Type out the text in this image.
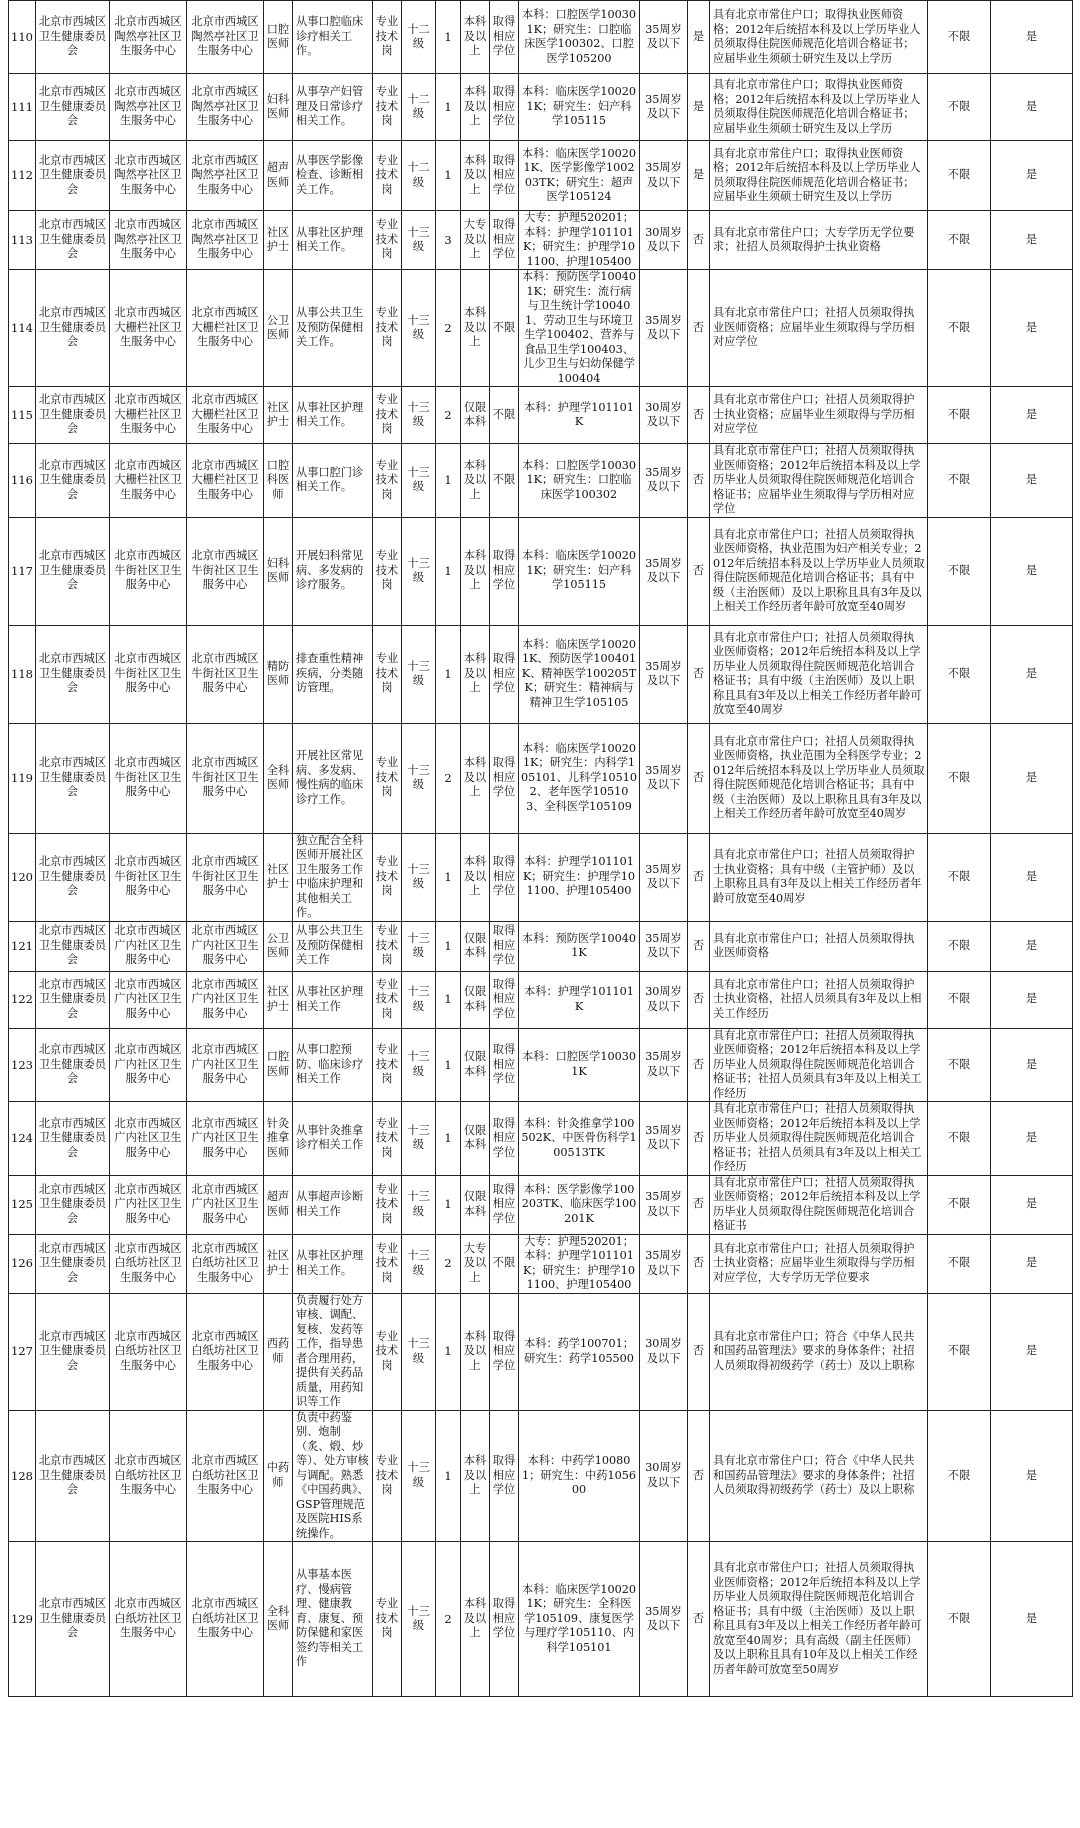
110	北京市西城区卫生健康委员会	北京市西城区陶然亭社区卫生服务中心	北京市西城区陶然亭社区卫生服务中心	口腔医师	从事口腔临床诊疗相关工作。	专业技术岗	十二级	1	本科及以上	取得相应学位	本科：口腔医学100301K；研究生：口腔临床医学100302、口腔医学105200	35周岁及以下	是	具有北京市常住户口；取得执业医师资格；2012年后统招本科及以上学历毕业人员须取得住院医师规范化培训合格证书；应届毕业生须硕士研究生及以上学历	不限	是
111	北京市西城区卫生健康委员会	北京市西城区陶然亭社区卫生服务中心	北京市西城区陶然亭社区卫生服务中心	妇科医师	从事孕产妇管理及日常诊疗相关工作。	专业技术岗	十二级	1	本科及以上	取得相应学位	本科：临床医学100201K；研究生：妇产科学105115	35周岁及以下	是	具有北京市常住户口；取得执业医师资格；2012年后统招本科及以上学历毕业人员须取得住院医师规范化培训合格证书；应届毕业生须硕士研究生及以上学历	不限	是
112	北京市西城区卫生健康委员会	北京市西城区陶然亭社区卫生服务中心	北京市西城区陶然亭社区卫生服务中心	超声医师	从事医学影像检查、诊断相关工作。	专业技术岗	十二级	1	本科及以上	取得相应学位	本科：临床医学100201K、医学影像学100203TK；研究生：超声医学105124	35周岁及以下	是	具有北京市常住户口；取得执业医师资格；2012年后统招本科及以上学历毕业人员须取得住院医师规范化培训合格证书；应届毕业生须硕士研究生及以上学历	不限	是
113	北京市西城区卫生健康委员会	北京市西城区陶然亭社区卫生服务中心	北京市西城区陶然亭社区卫生服务中心	社区护士	从事社区护理相关工作。	专业技术岗	十三级	3	大专及以上	取得相应学位	大专：护理520201；本科：护理学101101K；研究生：护理学101100、护理105400	30周岁及以下	否	具有北京市常住户口；大专学历无学位要求；社招人员须取得护士执业资格	不限	是
114	北京市西城区卫生健康委员会	北京市西城区大栅栏社区卫生服务中心	北京市西城区大栅栏社区卫生服务中心	公卫医师	从事公共卫生及预防保健相关工作。	专业技术岗	十三级	2	本科及以上	不限	本科：预防医学100401K；研究生：流行病与卫生统计学100401、劳动卫生与环境卫生学100402、营养与食品卫生学100403、儿少卫生与妇幼保健学100404	35周岁及以下	否	具有北京市常住户口；社招人员须取得执业医师资格；应届毕业生须取得与学历相对应学位	不限	是
115	北京市西城区卫生健康委员会	北京市西城区大栅栏社区卫生服务中心	北京市西城区大栅栏社区卫生服务中心	社区护士	从事社区护理相关工作。	专业技术岗	十三级	2	仅限本科	不限	本科：护理学101101K	30周岁及以下	否	具有北京市常住户口；社招人员须取得护士执业资格；应届毕业生须取得与学历相对应学位	不限	是
116	北京市西城区卫生健康委员会	北京市西城区大栅栏社区卫生服务中心	北京市西城区大栅栏社区卫生服务中心	口腔科医师	从事口腔门诊相关工作。	专业技术岗	十三级	1	本科及以上	不限	本科：口腔医学100301K；研究生：口腔临床医学100302	35周岁及以下	否	具有北京市常住户口；社招人员须取得执业医师资格；2012年后统招本科及以上学历毕业人员须取得住院医师规范化培训合格证书；应届毕业生须取得与学历相对应学位	不限	是
117	北京市西城区卫生健康委员会	北京市西城区牛街社区卫生服务中心	北京市西城区牛街社区卫生服务中心	妇科医师	开展妇科常见病、多发病的诊疗服务。	专业技术岗	十三级	1	本科及以上	取得相应学位	本科：临床医学100201K；研究生：妇产科学105115	35周岁及以下	否	具有北京市常住户口；社招人员须取得执业医师资格，执业范围为妇产相关专业；2012年后统招本科及以上学历毕业人员须取得住院医师规范化培训合格证书；具有中级（主治医师）及以上职称且具有3年及以上相关工作经历者年龄可放宽至40周岁	不限	是
118	北京市西城区卫生健康委员会	北京市西城区牛街社区卫生服务中心	北京市西城区牛街社区卫生服务中心	精防医师	排查重性精神疾病，分类随访管理。	专业技术岗	十三级	1	本科及以上	取得相应学位	本科：临床医学100201K、预防医学100401K、精神医学100205TK；研究生：精神病与精神卫生学105105	35周岁及以下	否	具有北京市常住户口；社招人员须取得执业医师资格；2012年后统招本科及以上学历毕业人员须取得住院医师规范化培训合格证书；具有中级（主治医师）及以上职称且具有3年及以上相关工作经历者年龄可放宽至40周岁	不限	是
119	北京市西城区卫生健康委员会	北京市西城区牛街社区卫生服务中心	北京市西城区牛街社区卫生服务中心	全科医师	开展社区常见病、多发病、慢性病的临床诊疗工作。	专业技术岗	十三级	2	本科及以上	取得相应学位	本科：临床医学100201K；研究生：内科学105101、儿科学105102、老年医学105103、全科医学105109	35周岁及以下	否	具有北京市常住户口；社招人员须取得执业医师资格，执业范围为全科医学专业；2012年后统招本科及以上学历毕业人员须取得住院医师规范化培训合格证书；具有中级（主治医师）及以上职称且具有3年及以上相关工作经历者年龄可放宽至40周岁	不限	是
120	北京市西城区卫生健康委员会	北京市西城区牛街社区卫生服务中心	北京市西城区牛街社区卫生服务中心	社区护士	独立配合全科医师开展社区卫生服务工作中临床护理和其他相关工作。	专业技术岗	十三级	1	本科及以上	取得相应学位	本科：护理学101101K；研究生：护理学101100、护理105400	35周岁及以下	否	具有北京市常住户口；社招人员须取得护士执业资格；具有中级（主管护师）及以上职称且具有3年及以上相关工作经历者年龄可放宽至40周岁	不限	是
121	北京市西城区卫生健康委员会	北京市西城区广内社区卫生服务中心	北京市西城区广内社区卫生服务中心	公卫医师	从事公共卫生及预防保健相关工作	专业技术岗	十三级	1	仅限本科	取得相应学位	本科：预防医学100401K	35周岁及以下	否	具有北京市常住户口；社招人员须取得执业医师资格	不限	是
122	北京市西城区卫生健康委员会	北京市西城区广内社区卫生服务中心	北京市西城区广内社区卫生服务中心	社区护士	从事社区护理相关工作	专业技术岗	十三级	1	仅限本科	取得相应学位	本科：护理学101101K	30周岁及以下	否	具有北京市常住户口；社招人员须取得护士执业资格，社招人员须具有3年及以上相关工作经历	不限	是
123	北京市西城区卫生健康委员会	北京市西城区广内社区卫生服务中心	北京市西城区广内社区卫生服务中心	口腔医师	从事口腔预防、临床诊疗相关工作	专业技术岗	十三级	1	仅限本科	取得相应学位	本科：口腔医学100301K	35周岁及以下	否	具有北京市常住户口；社招人员须取得执业医师资格；2012年后统招本科及以上学历毕业人员须取得住院医师规范化培训合格证书；社招人员须具有3年及以上相关工作经历	不限	是
124	北京市西城区卫生健康委员会	北京市西城区广内社区卫生服务中心	北京市西城区广内社区卫生服务中心	针灸推拿医师	从事针灸推拿诊疗相关工作	专业技术岗	十三级	1	仅限本科	取得相应学位	本科：针灸推拿学100502K、中医骨伤科学100513TK	35周岁及以下	否	具有北京市常住户口；社招人员须取得执业医师资格；2012年后统招本科及以上学历毕业人员须取得住院医师规范化培训合格证书；社招人员须具有3年及以上相关工作经历	不限	是
125	北京市西城区卫生健康委员会	北京市西城区广内社区卫生服务中心	北京市西城区广内社区卫生服务中心	超声医师	从事超声诊断相关工作	专业技术岗	十三级	1	仅限本科	取得相应学位	本科：医学影像学100203TK、临床医学100201K	35周岁及以下	否	具有北京市常住户口；社招人员须取得执业医师资格；2012年后统招本科及以上学历毕业人员须取得住院医师规范化培训合格证书	不限	是
126	北京市西城区卫生健康委员会	北京市西城区白纸坊社区卫生服务中心	北京市西城区白纸坊社区卫生服务中心	社区护士	从事社区护理相关工作。	专业技术岗	十三级	2	大专及以上	不限	大专：护理520201；本科：护理学101101K；研究生：护理学101100、护理105400	35周岁及以下	否	具有北京市常住户口；社招人员须取得护士执业资格；应届毕业生须取得与学历相对应学位，大专学历无学位要求	不限	是
127	北京市西城区卫生健康委员会	北京市西城区白纸坊社区卫生服务中心	北京市西城区白纸坊社区卫生服务中心	西药师	负责履行处方审核、调配、复核、发药等工作，指导患者合理用药，提供有关药品质量，用药知识等工作	专业技术岗	十三级	1	本科及以上	取得相应学位	本科：药学100701；研究生：药学105500	30周岁及以下	否	具有北京市常住户口；符合《中华人民共和国药品管理法》要求的身体条件；社招人员须取得初级药学（药士）及以上职称	不限	是
128	北京市西城区卫生健康委员会	北京市西城区白纸坊社区卫生服务中心	北京市西城区白纸坊社区卫生服务中心	中药师	负责中药鉴别、炮制（炙、煅、炒等）、处方审核与调配。熟悉《中国药典》、GSP管理规范及医院HIS系统操作。	专业技术岗	十三级	1	本科及以上	取得相应学位	本科：中药学100801；研究生：中药105600	30周岁及以下	否	具有北京市常住户口；符合《中华人民共和国药品管理法》要求的身体条件；社招人员须取得初级药学（药士）及以上职称	不限	是
129	北京市西城区卫生健康委员会	北京市西城区白纸坊社区卫生服务中心	北京市西城区白纸坊社区卫生服务中心	全科医师	从事基本医疗、慢病管理、健康教育、康复、预防保健和家医签约等相关工作	专业技术岗	十三级	2	本科及以上	取得相应学位	本科：临床医学100201K；研究生：全科医学105109、康复医学与理疗学105110、内科学105101	35周岁及以下	否	具有北京市常住户口；社招人员须取得执业医师资格；2012年后统招本科及以上学历毕业人员须取得住院医师规范化培训合格证书；具有中级（主治医师）及以上职称且具有3年及以上相关工作经历者年龄可放宽至40周岁；具有高级（副主任医师）及以上职称且具有10年及以上相关工作经历者年龄可放宽至50周岁	不限	是
